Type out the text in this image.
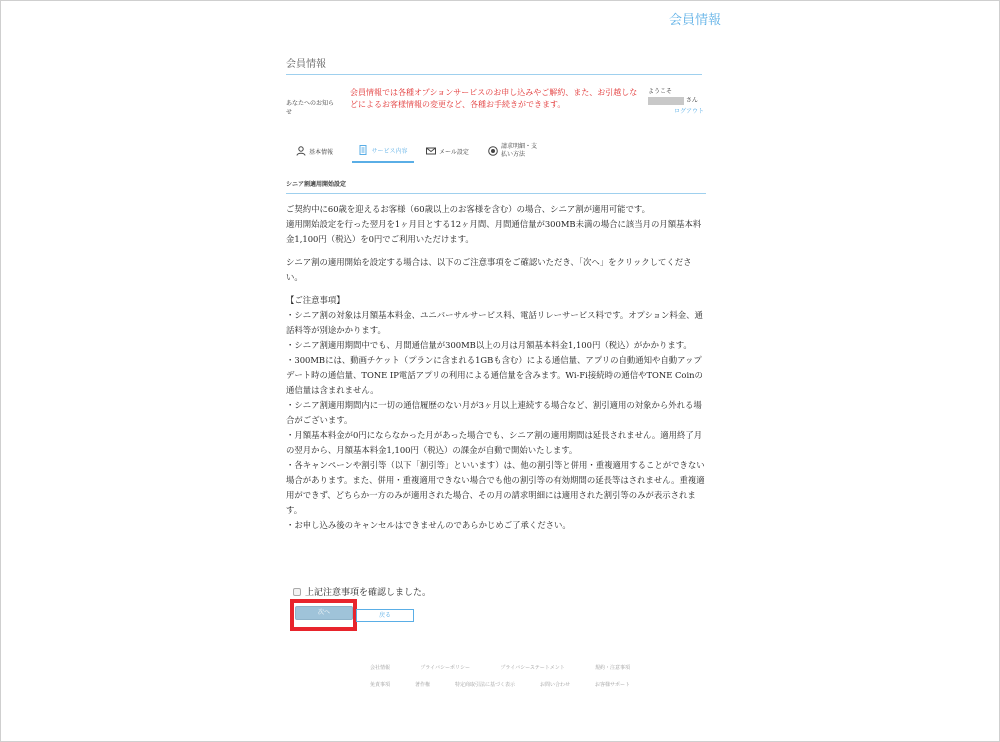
会員情報
会員情報
あなたへのお知らせ
会員情報では各種オプションサービスのお申し込みやご解約、また、お引越しなどによるお客様情報の変更など、各種お手続きができます。
ようこそ
さん
ログアウト
基本情報	サービス内容	メール設定
請求明細・支払い方法
シニア割適用開始設定

ご契約中に60歳を迎えるお客様（60歳以上のお客様を含む）の場合、シニア割が適用可能です。

適用開始設定を行った翌月を1ヶ月目とする12ヶ月間、月間通信量が300MB未満の場合に該当月の月額基本料金1,100円（税込）を0円でご利用いただけます。

シニア割の適用開始を設定する場合は、以下のご注意事項をご確認いただき、「次へ」をクリックしてください。

【ご注意事項】

・シニア割の対象は月額基本料金、ユニバーサルサービス料、電話リレーサービス料です。オプション料金、通話料等が別途かかります。

・シニア割適用期間中でも、月間通信量が300MB以上の月は月額基本料金1,100円（税込）がかかります。

・300MBには、動画チケット（プランに含まれる1GBも含む）による通信量、アプリの自動通知や自動アップデート時の通信量、TONE IP電話アプリの利用による通信量を含みます。Wi-Fi接続時の通信やTONE Coinの通信量は含まれません。

・シニア割適用期間内に一切の通信履歴のない月が3ヶ月以上連続する場合など、割引適用の対象から外れる場合がございます。

・月額基本料金が0円にならなかった月があった場合でも、シニア割の適用期間は延長されません。適用終了月の翌月から、月額基本料金1,100円（税込）の課金が自動で開始いたします。

・各キャンペーンや割引等（以下「割引等」といいます）は、他の割引等と併用・重複適用することができない場合があります。また、併用・重複適用できない場合でも他の割引等の有効期間の延長等はされません。重複適用ができず、どちらか一方のみが適用された場合、その月の請求明細には適用された割引等のみが表示されます。

・お申し込み後のキャンセルはできませんのであらかじめご了承ください。

上記注意事項を確認しました。
次へ	戻る
会社情報	プライバシーポリシー	プライバシーステートメント	規約・注意事項
免責事項	著作権	特定商取引法に基づく表示	お問い合わせ	お客様サポート
